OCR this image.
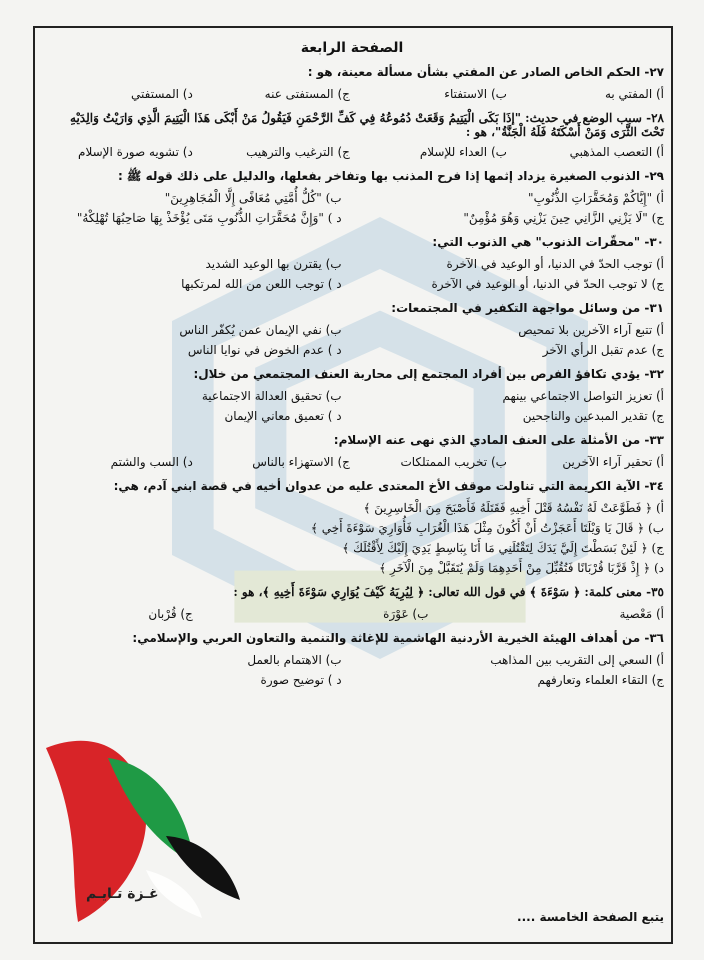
الصفحة الرابعة
٢٧- الحكم الخاص الصادر عن المفتي بشأن مسألة معينة، هو :
أ) المفتي به
ب) الاستفتاء
ج) المستفتى عنه
د) المستفتي
٢٨- سبب الوضع في حديث: "إذَا بَكَى الْيَتِيمُ وَقَعَتْ دُمُوعُهُ فِي كَفِّ الرَّحْمَنِ فَيَقُولُ مَنْ أَبْكَى هَذَا الْيَتِيمَ الَّذِي وَارَيْتُ وَالِدَيْهِ تَحْتَ الثَّرَى وَمَنْ أَسْكَتَهُ فَلَهُ الْجَنَّةُ"، هو :
أ) التعصب المذهبي
ب) العداء للإسلام
ج) الترغيب والترهيب
د) تشويه صورة الإسلام
٢٩- الذنوب الصغيرة يزداد إثمها إذا فرح المذنب بها وتفاخر بفعلها، والدليل على ذلك قوله ﷺ :
أ) "إِيَّاكُمْ وَمُحَقَّرَاتِ الذُّنُوبِ"
ب) "كُلُّ أُمَّتِي مُعَافًى إِلَّا الْمُجَاهِرِينَ"
ج) "لَا يَزْنِي الزَّانِي حِينَ يَزْنِي وَهُوَ مُؤْمِنٌ"
د ) "وَإِنَّ مُحَقَّرَاتِ الذُّنُوبِ مَتَى يُؤْخَذْ بِهَا صَاحِبُهَا تُهْلِكْهُ"
٣٠- "محقّرات الذنوب" هي الذنوب التي:
أ) توجب الحدّ في الدنيا، أو الوعيد في الآخرة
ب) يقترن بها الوعيد الشديد
ج) لا توجب الحدّ في الدنيا، أو الوعيد في الآخرة
د ) توجب اللعن من الله لمرتكبها
٣١- من وسائل مواجهة التكفير في المجتمعات:
أ) تتبع آراء الآخرين بلا تمحيص
ب) نفي الإيمان عمن يُكفّر الناس
ج) عدم تقبل الرأي الآخر
د ) عدم الخوض في نوايا الناس
٣٢- يؤدي تكافؤ الفرص بين أفراد المجتمع إلى محاربة العنف المجتمعي من خلال:
أ) تعزيز التواصل الاجتماعي بينهم
ب) تحقيق العدالة الاجتماعية
ج) تقدير المبدعين والناجحين
د ) تعميق معاني الإيمان
٣٣- من الأمثلة على العنف المادي الذي نهى عنه الإسلام:
أ) تحقير آراء الآخرين
ب) تخريب الممتلكات
ج) الاستهزاء بالناس
د) السب والشتم
٣٤- الآية الكريمة التي تناولت موقف الأخ المعتدى عليه من عدوان أخيه في قصة ابني آدم، هي:
أ) ﴿ فَطَوَّعَتْ لَهُ نَفْسُهُ قَتْلَ أَخِيهِ فَقَتَلَهُ فَأَصْبَحَ مِنَ الْخَاسِرِينَ ﴾
ب) ﴿ قَالَ يَا وَيْلَتَا أَعَجَزْتُ أَنْ أَكُونَ مِثْلَ هَذَا الْغُرَابِ فَأُوَارِيَ سَوْءَةَ أَخِي ﴾
ج) ﴿ لَئِنْ بَسَطْتَ إِلَيَّ يَدَكَ لِتَقْتُلَنِي مَا أَنَا بِبَاسِطٍ يَدِيَ إِلَيْكَ لِأَقْتُلَكَ ﴾
د) ﴿ إِذْ قَرَّبَا قُرْبَانًا فَتُقُبِّلَ مِنْ أَحَدِهِمَا وَلَمْ يُتَقَبَّلْ مِنَ الْآخَرِ ﴾
٣٥- معنى كلمة: ﴿ سَوْءَةَ ﴾ في قول الله تعالى: ﴿ لِيُرِيَهُ كَيْفَ يُوَارِي سَوْءَةَ أَخِيهِ ﴾، هو :
أ) مَعْصية
ب) عَوْرَة
ج) قُرْبان
٣٦- من أهداف الهيئة الخيرية الأردنية الهاشمية للإغاثة والتنمية والتعاون العربي والإسلامي:
أ) السعي إلى التقريب بين المذاهب
ب) الاهتمام بالعمل
ج) التقاء العلماء وتعارفهم
د ) توضيح صورة
يتبع الصفحة الخامسة ....
غـزة تـايـم
